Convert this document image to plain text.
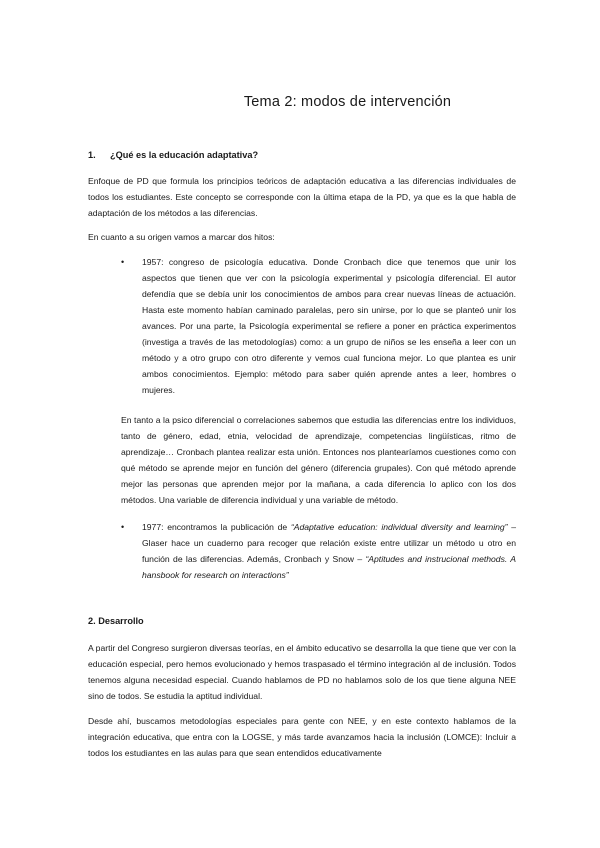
Tema 2: modos de intervención
1. ¿Qué es la educación adaptativa?
Enfoque de PD que formula los principios teóricos de adaptación educativa a las diferencias individuales de todos los estudiantes. Este concepto se corresponde con la última etapa de la PD, ya que es la que habla de adaptación de los métodos a las diferencias.
En cuanto a su origen vamos a marcar dos hitos:
• 1957: congreso de psicología educativa. Donde Cronbach dice que tenemos que unir los aspectos que tienen que ver con la psicología experimental y psicología diferencial. El autor defendía que se debía unir los conocimientos de ambos para crear nuevas líneas de actuación. Hasta este momento habían caminado paralelas, pero sin unirse, por lo que se planteó unir los avances. Por una parte, la Psicología experimental se refiere a poner en práctica experimentos (investiga a través de las metodologías) como: a un grupo de niños se les enseña a leer con un método y a otro grupo con otro diferente y vemos cual funciona mejor. Lo que plantea es unir ambos conocimientos. Ejemplo: método para saber quién aprende antes a leer, hombres o mujeres.
En tanto a la psico diferencial o correlaciones sabemos que estudia las diferencias entre los individuos, tanto de género, edad, etnia, velocidad de aprendizaje, competencias lingüísticas, ritmo de aprendizaje… Cronbach plantea realizar esta unión. Entonces nos plantearíamos cuestiones como con qué método se aprende mejor en función del género (diferencia grupales). Con qué método aprende mejor las personas que aprenden mejor por la mañana, a cada diferencia lo aplico con los dos métodos. Una variable de diferencia individual y una variable de método.
• 1977: encontramos la publicación de “Adaptative education: individual diversity and learning” – Glaser hace un cuaderno para recoger que relación existe entre utilizar un método u otro en función de las diferencias. Además, Cronbach y Snow – “Aptitudes and instrucional methods. A hansbook for research on interactions”
2. Desarrollo
A partir del Congreso surgieron diversas teorías, en el ámbito educativo se desarrolla la que tiene que ver con la educación especial, pero hemos evolucionado y hemos traspasado el término integración al de inclusión. Todos tenemos alguna necesidad especial. Cuando hablamos de PD no hablamos solo de los que tiene alguna NEE sino de todos. Se estudia la aptitud individual.
Desde ahí, buscamos metodologías especiales para gente con NEE, y en este contexto hablamos de la integración educativa, que entra con la LOGSE, y más tarde avanzamos hacia la inclusión (LOMCE): Incluir a todos los estudiantes en las aulas para que sean entendidos educativamente
